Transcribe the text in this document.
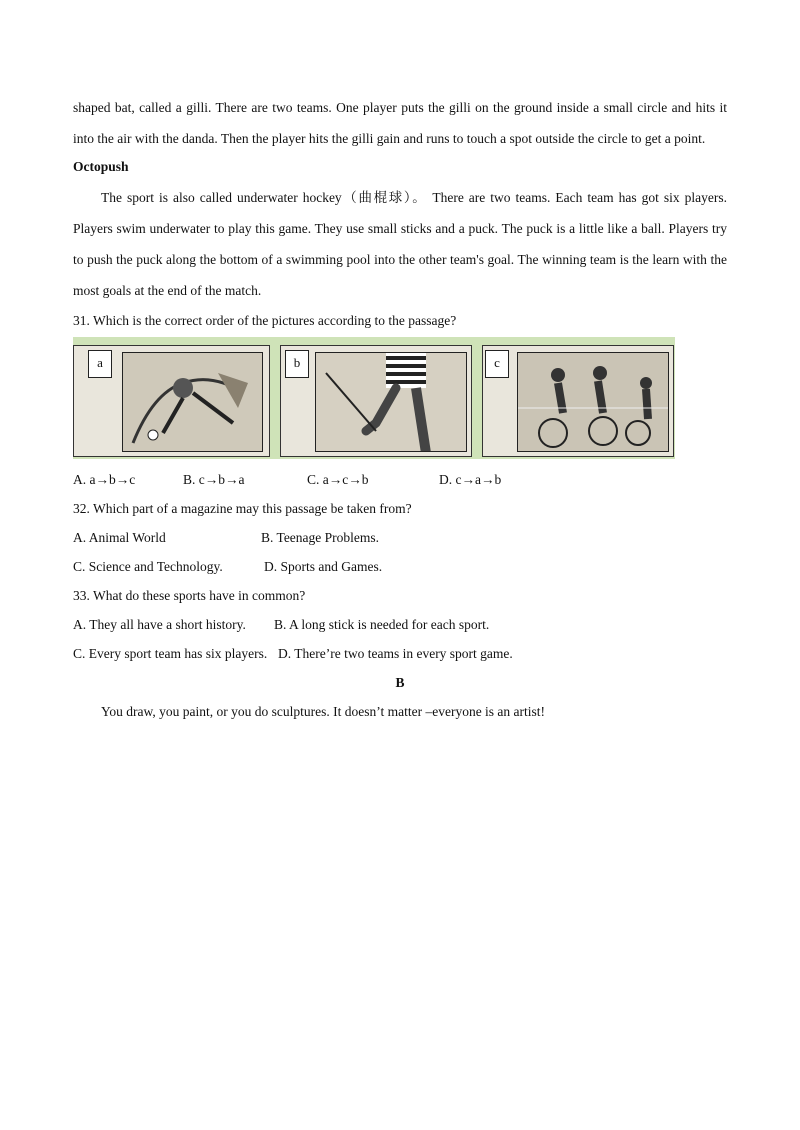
shaped bat, called a gilli. There are two teams. One player puts the gilli on the ground inside a small circle and hits it into the air with the danda. Then the player hits the gilli gain and runs to touch a spot outside the circle to get a point.

Octopush

The sport is also called underwater hockey（曲棍球）。 There are two teams. Each team has got six players. Players swim underwater to play this game. They use small sticks and a puck. The puck is a little like a ball. Players try to push the puck along the bottom of a swimming pool into the other team's goal. The winning team is the learn with the most goals at the end of the match.

31. Which is the correct order of the pictures according to the passage?

a	b	c
A. a→b→c	B. c→b→a	C. a→c→b	D. c→a→b

32. Which part of a magazine may this passage be taken from?

A. Animal World	B. Teenage Problems.
C. Science and Technology.	D. Sports and Games.

33. What do these sports have in common?

A. They all have a short history. B. A long stick is needed for each sport.
C. Every sport team has six players. D. There’re two teams in every sport game.

B

You draw, you paint, or you do sculptures. It doesn’t matter –everyone is an artist!
